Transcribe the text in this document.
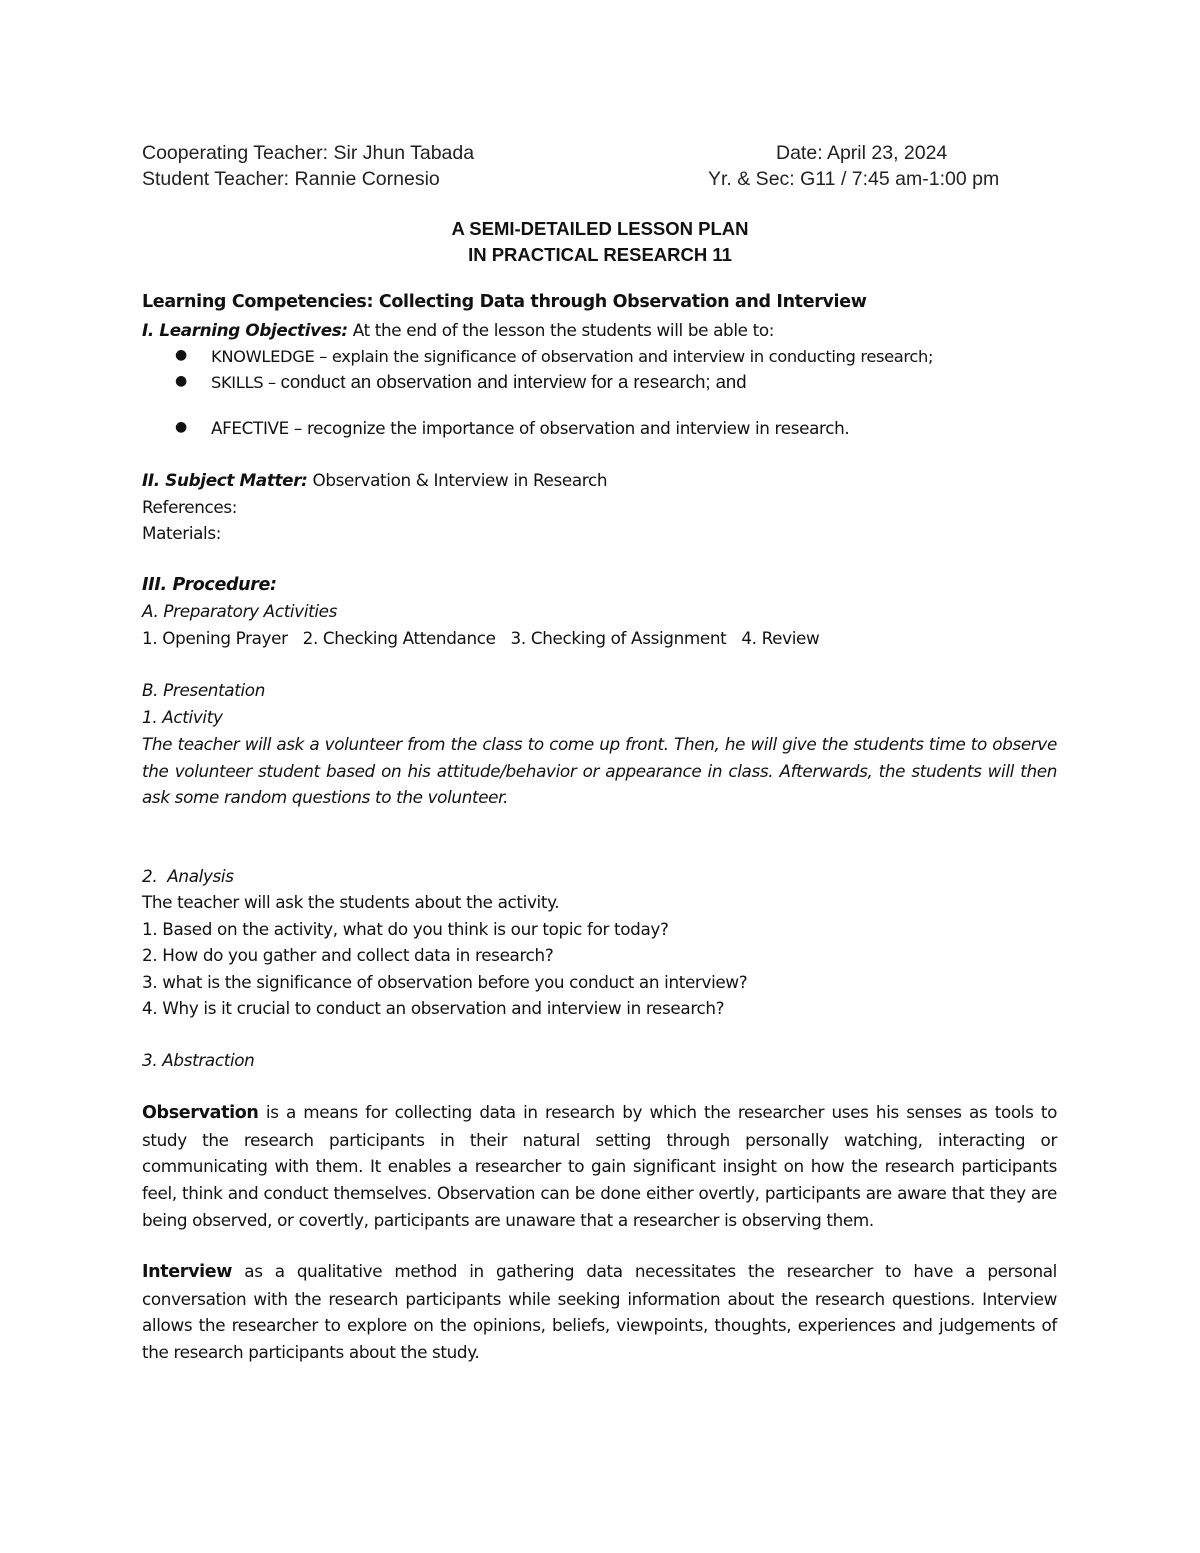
Cooperating Teacher: Sir Jhun Tabada	Date: April 23, 2024
Student Teacher: Rannie Cornesio	Yr. & Sec: G11 / 7:45 am-1:00 pm
A SEMI-DETAILED LESSON PLAN
IN PRACTICAL RESEARCH 11
Learning Competencies: Collecting Data through Observation and Interview
I. Learning Objectives: At the end of the lesson the students will be able to:
● KNOWLEDGE – explain the significance of observation and interview in conducting research;
● SKILLS – conduct an observation and interview for a research; and
● AFECTIVE – recognize the importance of observation and interview in research.
II. Subject Matter: Observation & Interview in Research
References:
Materials:
III. Procedure:
A. Preparatory Activities
1. Opening Prayer   2. Checking Attendance   3. Checking of Assignment   4. Review
B. Presentation
1. Activity
The teacher will ask a volunteer from the class to come up front. Then, he will give the students time to observe the volunteer student based on his attitude/behavior or appearance in class. Afterwards, the students will then ask some random questions to the volunteer.
2.  Analysis
The teacher will ask the students about the activity.
1. Based on the activity, what do you think is our topic for today?
2. How do you gather and collect data in research?
3. what is the significance of observation before you conduct an interview?
4. Why is it crucial to conduct an observation and interview in research?
3. Abstraction
Observation is a means for collecting data in research by which the researcher uses his senses as tools to study the research participants in their natural setting through personally watching, interacting or communicating with them. It enables a researcher to gain significant insight on how the research participants feel, think and conduct themselves. Observation can be done either overtly, participants are aware that they are being observed, or covertly, participants are unaware that a researcher is observing them.
Interview as a qualitative method in gathering data necessitates the researcher to have a personal conversation with the research participants while seeking information about the research questions. Interview allows the researcher to explore on the opinions, beliefs, viewpoints, thoughts, experiences and judgements of the research participants about the study.
